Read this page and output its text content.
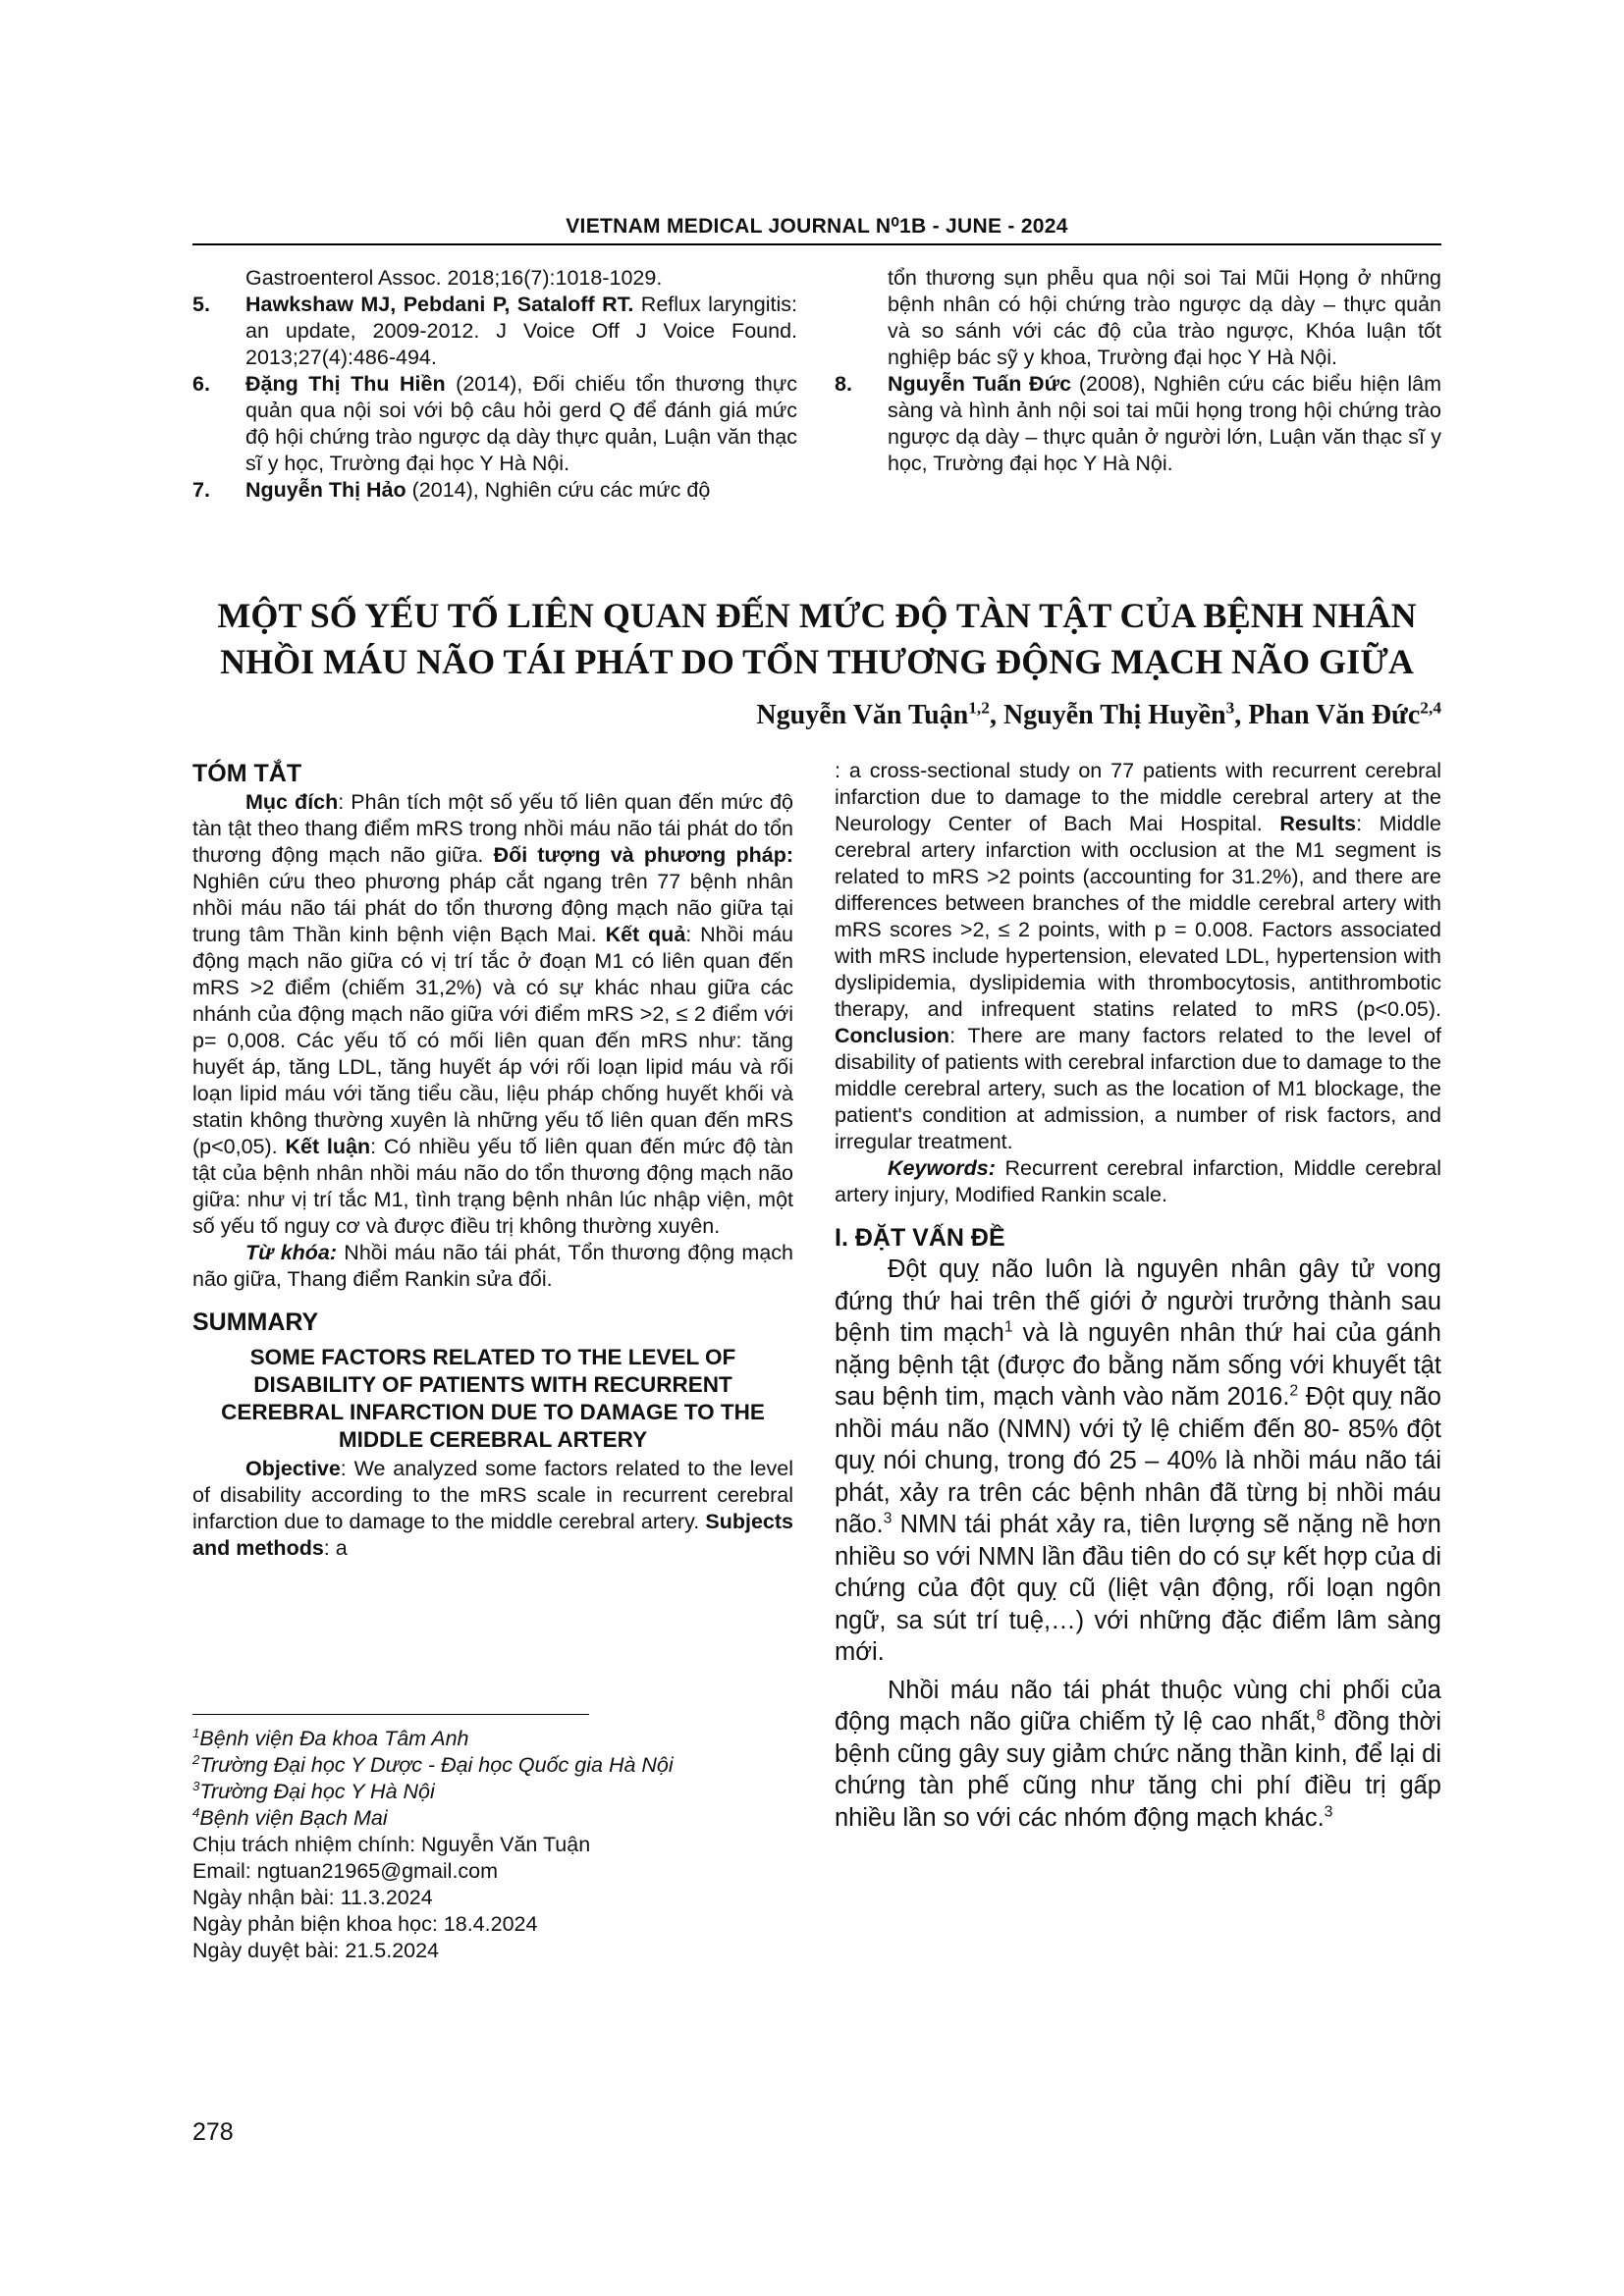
VIETNAM MEDICAL JOURNAL N⁰1B - JUNE - 2024
Gastroenterol Assoc. 2018;16(7):1018-1029.
5. Hawkshaw MJ, Pebdani P, Sataloff RT. Reflux laryngitis: an update, 2009-2012. J Voice Off J Voice Found. 2013;27(4):486-494.
6. Đặng Thị Thu Hiền (2014), Đối chiếu tổn thương thực quản qua nội soi với bộ câu hỏi gerd Q để đánh giá mức độ hội chứng trào ngược dạ dày thực quản, Luận văn thạc sĩ y học, Trường đại học Y Hà Nội.
7. Nguyễn Thị Hảo (2014), Nghiên cứu các mức độ
tổn thương sụn phễu qua nội soi Tai Mũi Họng ở những bệnh nhân có hội chứng trào ngược dạ dày – thực quản và so sánh với các độ của trào ngược, Khóa luận tốt nghiệp bác sỹ y khoa, Trường đại học Y Hà Nội.
8. Nguyễn Tuấn Đức (2008), Nghiên cứu các biểu hiện lâm sàng và hình ảnh nội soi tai mũi họng trong hội chứng trào ngược dạ dày – thực quản ở người lớn, Luận văn thạc sĩ y học, Trường đại học Y Hà Nội.
MỘT SỐ YẾU TỐ LIÊN QUAN ĐẾN MỨC ĐỘ TÀN TẬT CỦA BỆNH NHÂN
NHỒI MÁU NÃO TÁI PHÁT DO TỔN THƯƠNG ĐỘNG MẠCH NÃO GIỮA
Nguyễn Văn Tuận$^{1,2}$, Nguyễn Thị Huyền$^3$, Phan Văn Đức$^{2,4}$

TÓM TẮT

Mục đích: Phân tích một số yếu tố liên quan đến mức độ tàn tật theo thang điểm mRS trong nhồi máu não tái phát do tổn thương động mạch não giữa. Đối tượng và phương pháp: Nghiên cứu theo phương pháp cắt ngang trên 77 bệnh nhân nhồi máu não tái phát do tổn thương động mạch não giữa tại trung tâm Thần kinh bệnh viện Bạch Mai. Kết quả: Nhồi máu động mạch não giữa có vị trí tắc ở đoạn M1 có liên quan đến mRS >2 điểm (chiếm 31,2%) và có sự khác nhau giữa các nhánh của động mạch não giữa với điểm mRS >2, ≤ 2 điểm với p= 0,008. Các yếu tố có mối liên quan đến mRS như: tăng huyết áp, tăng LDL, tăng huyết áp với rối loạn lipid máu và rối loạn lipid máu với tăng tiểu cầu, liệu pháp chống huyết khối và statin không thường xuyên là những yếu tố liên quan đến mRS (p<0,05). Kết luận: Có nhiều yếu tố liên quan đến mức độ tàn tật của bệnh nhân nhồi máu não do tổn thương động mạch não giữa: như vị trí tắc M1, tình trạng bệnh nhân lúc nhập viện, một số yếu tố nguy cơ và được điều trị không thường xuyên.

Từ khóa: Nhồi máu não tái phát, Tổn thương động mạch não giữa, Thang điểm Rankin sửa đổi.

SUMMARY

SOME FACTORS RELATED TO THE LEVEL OF DISABILITY OF PATIENTS WITH RECURRENT CEREBRAL INFARCTION DUE TO DAMAGE TO THE MIDDLE CEREBRAL ARTERY

Objective: We analyzed some factors related to the level of disability according to the mRS scale in recurrent cerebral infarction due to damage to the middle cerebral artery. Subjects and methods: a

: a cross-sectional study on 77 patients with recurrent cerebral infarction due to damage to the middle cerebral artery at the Neurology Center of Bach Mai Hospital. Results: Middle cerebral artery infarction with occlusion at the M1 segment is related to mRS >2 points (accounting for 31.2%), and there are differences between branches of the middle cerebral artery with mRS scores >2, ≤ 2 points, with p = 0.008. Factors associated with mRS include hypertension, elevated LDL, hypertension with dyslipidemia, dyslipidemia with thrombocytosis, antithrombotic therapy, and infrequent statins related to mRS (p<0.05). Conclusion: There are many factors related to the level of disability of patients with cerebral infarction due to damage to the middle cerebral artery, such as the location of M1 blockage, the patient's condition at admission, a number of risk factors, and irregular treatment.

Keywords: Recurrent cerebral infarction, Middle cerebral artery injury, Modified Rankin scale.

I. ĐẶT VẤN ĐỀ

Đột quỵ não luôn là nguyên nhân gây tử vong đứng thứ hai trên thế giới ở người trưởng thành sau bệnh tim mạch$^1$ và là nguyên nhân thứ hai của gánh nặng bệnh tật (được đo bằng năm sống với khuyết tật sau bệnh tim, mạch vành vào năm 2016.$^2$ Đột quỵ não nhồi máu não (NMN) với tỷ lệ chiếm đến 80- 85% đột quỵ nói chung, trong đó 25 – 40% là nhồi máu não tái phát, xảy ra trên các bệnh nhân đã từng bị nhồi máu não.$^3$ NMN tái phát xảy ra, tiên lượng sẽ nặng nề hơn nhiều so với NMN lần đầu tiên do có sự kết hợp của di chứng của đột quỵ cũ (liệt vận động, rối loạn ngôn ngữ, sa sút trí tuệ,…) với những đặc điểm lâm sàng mới.

Nhồi máu não tái phát thuộc vùng chi phối của động mạch não giữa chiếm tỷ lệ cao nhất,$^8$ đồng thời bệnh cũng gây suy giảm chức năng thần kinh, để lại di chứng tàn phế cũng như tăng chi phí điều trị gấp nhiều lần so với các nhóm động mạch khác.$^3$

$^1$Bệnh viện Đa khoa Tâm Anh
$^2$Trường Đại học Y Dược - Đại học Quốc gia Hà Nội
$^3$Trường Đại học Y Hà Nội
$^4$Bệnh viện Bạch Mai
Chịu trách nhiệm chính: Nguyễn Văn Tuận
Email: ngtuan21965@gmail.com
Ngày nhận bài: 11.3.2024
Ngày phản biện khoa học: 18.4.2024
Ngày duyệt bài: 21.5.2024
278
